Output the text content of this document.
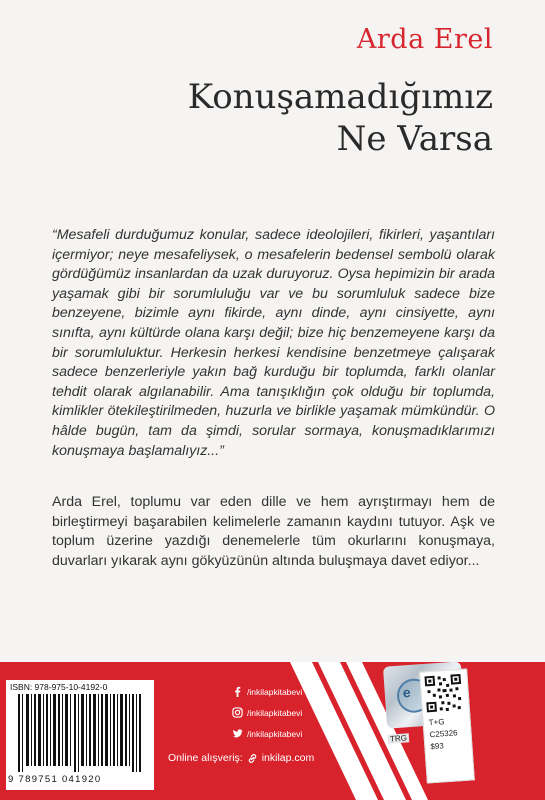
Arda Erel
Konuşamadığımız
Ne Varsa
“Mesafeli durduğumuz konular, sadece ideolojileri, fikirleri, yaşantıları içermiyor; neye mesafeliysek, o mesafelerin bedensel sembolü olarak gördüğümüz insanlardan da uzak duruyoruz. Oysa hepimizin bir arada yaşamak gibi bir sorumluluğu var ve bu sorumluluk sadece bize benzeyene, bizimle aynı fikirde, aynı dinde, aynı cinsiyette, aynı sınıfta, aynı kültürde olana karşı değil; bize hiç benzemeyene karşı da bir sorumluluktur. Herkesin herkesi kendisine benzetmeye çalışarak sadece benzerleriyle yakın bağ kurduğu bir toplumda, farklı olanlar tehdit olarak algılanabilir. Ama tanışıklığın çok olduğu bir toplumda, kimlikler ötekileştirilmeden, huzurla ve birlikle yaşamak mümkündür. O hâlde bugün, tam da şimdi, sorular sormaya, konuşmadıklarımızı konuşmaya başlamalıyız...”
Arda Erel, toplumu var eden dille ve hem ayrıştırmayı hem de birleştirmeyi başarabilen kelimelerle zamanın kaydını tutuyor. Aşk ve toplum üzerine yazdığı denemelerle tüm okurlarını konuşmaya, duvarları yıkarak aynı gökyüzünün altında buluşmaya davet ediyor...
ISBN: 978-975-10-4192-0
9 789751 041920
/inkilapkitabevi
/inkilapkitabevi
/inkilapkitabevi
Online alışveriş: inkilap.com
e
TRG
T+G
C25326
$93
